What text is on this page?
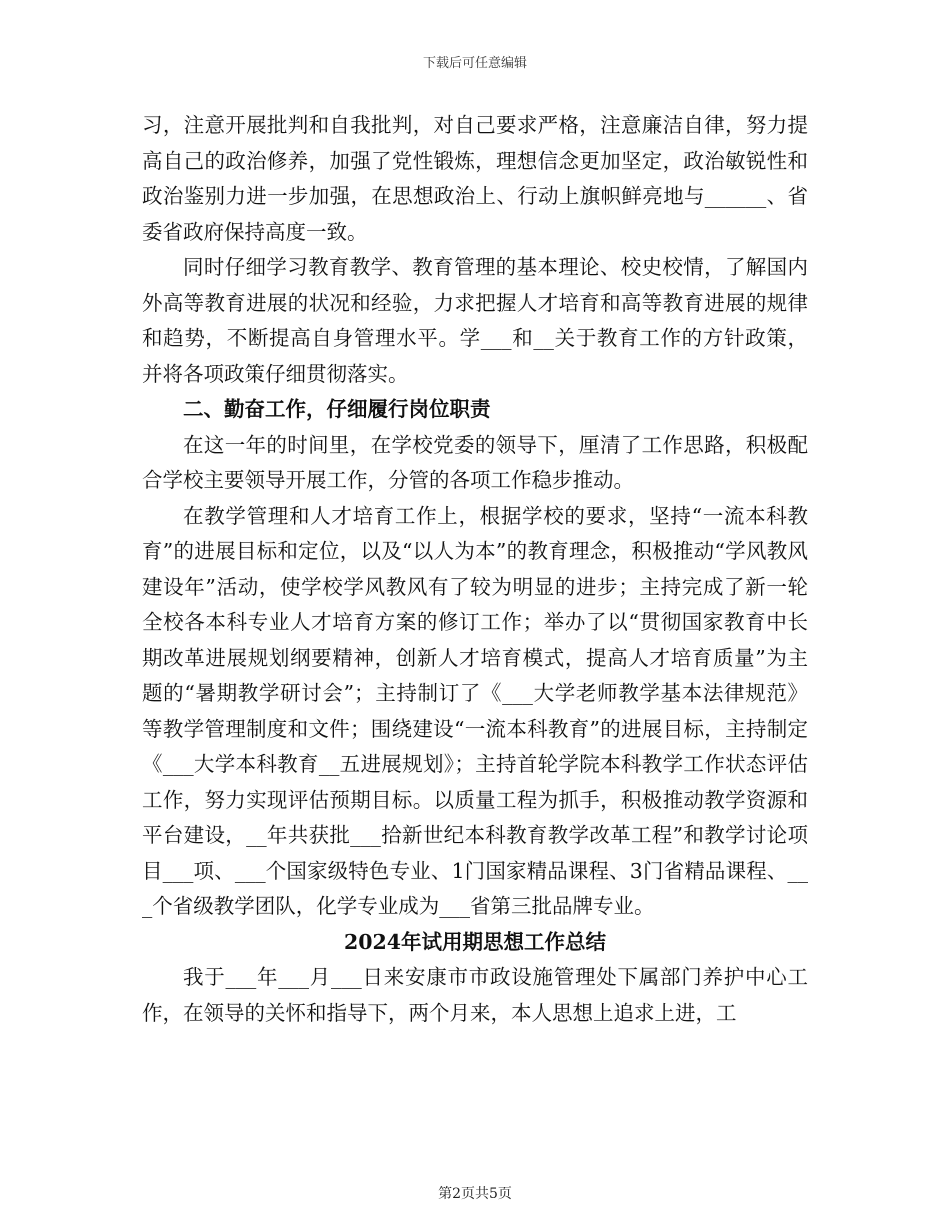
下载后可任意编辑

习，注意开展批判和自我批判，对自己要求严格，注意廉洁自律，努力提高自己的政治修养，加强了党性锻炼，理想信念更加坚定，政治敏锐性和政治鉴别力进一步加强，在思想政治上、行动上旗帜鲜亮地与______、省委省政府保持高度一致。

同时仔细学习教育教学、教育管理的基本理论、校史校情，了解国内外高等教育进展的状况和经验，力求把握人才培育和高等教育进展的规律和趋势，不断提高自身管理水平。学___和__关于教育工作的方针政策，并将各项政策仔细贯彻落实。

二、勤奋工作，仔细履行岗位职责

在这一年的时间里，在学校党委的领导下，厘清了工作思路，积极配合学校主要领导开展工作，分管的各项工作稳步推动。

在教学管理和人才培育工作上，根据学校的要求，坚持“一流本科教育”的进展目标和定位，以及“以人为本”的教育理念，积极推动“学风教风建设年”活动，使学校学风教风有了较为明显的进步；主持完成了新一轮全校各本科专业人才培育方案的修订工作；举办了以“贯彻国家教育中长期改革进展规划纲要精神，创新人才培育模式，提高人才培育质量”为主题的“暑期教学研讨会”；主持制订了《___大学老师教学基本法律规范》等教学管理制度和文件；围绕建设“一流本科教育”的进展目标，主持制定《___大学本科教育__五进展规划》；主持首轮学院本科教学工作状态评估工作，努力实现评估预期目标。以质量工程为抓手，积极推动教学资源和平台建设，__年共获批___拾新世纪本科教育教学改革工程”和教学讨论项目___项、___个国家级特色专业、1门国家精品课程、3门省精品课程、___个省级教学团队，化学专业成为___省第三批品牌专业。

2024年试用期思想工作总结

我于___年___月___日来安康市市政设施管理处下属部门养护中心工作，在领导的关怀和指导下，两个月来，本人思想上追求上进，工

第2页共5页
